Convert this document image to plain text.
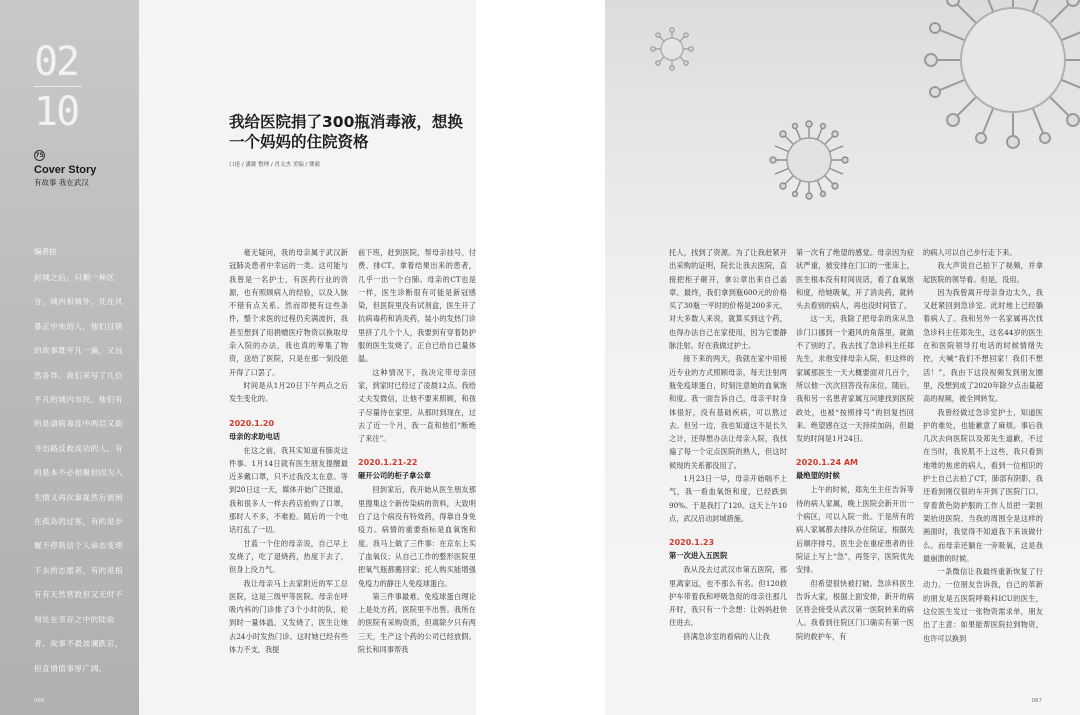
02
10
75
Cover Story
有故事 我在武汉
编者按
封城之后，只剩一种区分，城内和城外。处在风暴正中央的人，他们目睹的故事既平凡一滴，又远然各异。我们采写了几位平凡的城内市民，他们有的是请病毒连中两层又助寻出路反救成功的人，有的是本不必相聚但因为入生情义再次靠拢然后被困在孤岛的过客，有的是步履不停筑信个人命态变理下去的志愿者，有的是指有有天然营救但又无时不刻处在幸存之中的陆验者。故事不最波澜跌宕，但直情值事厚广阔。
066
我给医院捐了300瓶消毒液，想换一个妈妈的住院资格
口述 / 潘滁 整理 / 肖文杰 美编 / 婴毅

毫无疑问，我的母亲属于武汉新冠肺炎患者中幸运的一类。这可能与我曾是一名护士，有医药行业的资源，也有照顾病人的经验，以及人脉不错有点关系。然而即便有这些条件，整个求医的过程仍充满波折，我甚至想到了用捐赠医疗物资以换取母亲入院的办法，我也真的筹集了物资，送给了医院，只是在那一刻没能开得了口罢了。

时间是从1月20日下午两点之后发生变化的。

2020.1.20

母亲的求助电话

在这之前，我其实知道有肺炎这件事。1月14日就有医生朋友提醒最近多戴口罩，只不过我没太在意。等到20日这一天，媒体开始广泛报道，我和很多人一样去药店抢购了口罩，那时人不多，不难抢。随后的一个电话打乱了一切。

甘蓝一个住的母亲说，自己早上发烧了，吃了退烧药，热度下去了，但身上没力气。

我让母亲马上去家附近的军工总医院，这是三级甲等医院。母亲在呼吸内科的门诊排了3个小时的队，轮到时一量体温，又发烧了，医生让她去24小时发热门诊。这时她已经有些体力不支，我提

前下班，赶到医院，帮母亲挂号、付费、排CT。拿着结果出来的患者，几乎一出一个白肺。母亲的CT也是一样，医生诊断很有可能是新冠感染，但医院里没有试剂盒，医生开了抗病毒药和消炎药，装小的发热门诊里挤了几个个人，我要到有穿着防护服的医生发烧了，正自已给自已量体温。

这种情况下，我决定带母亲回家，到家时已经过了凌晨12点。我给丈夫发微信，让他不要来照顾，和孩子尽量待在家里。从那时到现在，过去了近一个月，我一直和他们“断绝了来往”。

2020.1.21-22

砸开公司的柜子拿公章

回到家后，我开始从医生朋友那里搜集这个新传染病的资料，大致明白了这个病没有特效药，得靠自身免疫力。病情的重要指标是血氧饱和度。我马上做了三件事：在京东上买了血氧仪；从自己工作的整形医院里把氧气瓶都搬回家；托人购买能增强免疫力的静注人免疫球蛋白。

第三件事最难。免疫球蛋白理论上是处方药，医院里不出售。我所在的医院有采购资质，但离除夕只有两三天，生产这个药的公司已经放假。院长和同事帮我

托人，找到了资源。为了让我赶紧开出采购的证明，院长让我去医院，直接把柜子砸开，拿公章出来自己盖章。最终，我们拿到瓶600元的价格买了30瓶一平时的价格是200多元，对大多数人来说，就算买到这个药，也得办法自己在家使用，因为它要静脉注射。好在我做过护士。

接下来的两天，我就在家中用接近专业的方式照顾母亲，每天注射两瓶免疫球蛋白，时刻注意她的血氧饱和度。我一面告诉自己，母亲平时身体很好，没有基础疾病，可以熬过去。但另一边，我也知道这不是长久之计，还得想办法让母亲入院，我找遍了每一个定点医院的熟人，但这时候现的关系都没用了。

1月23日一早，母亲开始喘不上气，我一看血氧饱和度，已经跌到90%。于是我打了120。这天上午10点，武汉启动封城措施。

2020.1.23

第一次进入五医院

我从没去过武汉市第五医院，那里离家远，也不那么有名。但120救护车带着我和呼吸急促的母亲往那儿开时，我只有一个念想：让妈妈赶快住进去。

挤满急诊室的看病的人让我

第一次有了绝望的感觉。母亲因为症状严重，被安排在门口的一张床上，医生根本没有时间说话，看了血氧饱和度，给她吸氧，开了消炎药，就转头去看别的病人，再也没时间管了。

这一天，我除了把母亲的床从急诊门口挪到一个避风的角落里，就做不了别的了。我去找了急诊科主任郑先生，求他安排母亲入院，但这样的家属那医生一天大概要面对几百个，所以他一次次回答没有床位。随后，我和另一名患者家属互问建找到医院政处，也被“按照排号”的回复挡回来。绝望感在这一天持续加码，但最发的时间是1月24日。

2020.1.24 AM

最绝望的时候

上午的时候，郑先生主任告诉等待的病人家属，晚上医院会新开出一个病区，可以入院一批。于是所有的病人家属都去排队办住院证，根据先后顺序排号，医生会在重症患者的住院证上写上“急”，再签字，医院优先安排。

但希望很快被打破。急诊科医生告诉大家，根据上面安排，新开的病区将会接受从武汉第一医院转来的病人。我看到住院区门口确实有第一医院的救护车，有

的病人可以自己步行走下来。

我大声说自己拍下了视频，并拿起医院的领导看。但是，没用。

因为我曾离开母亲身边太久，我又赶紧回到急诊室。此时地上已经躺着病人了。我和另外一名家属再次找急诊科主任郑先生，这名44岁的医生在和医院领导打电话的时候情绪失控，大喊“我们不想回家！我们不想活！”，我由下这段视频发到朋友圈里，没想到成了2020年除夕点击量超高的视频，被全网转发。

我曾经做过急诊室护士，知道医护的难处，也能歉意了麻烦。事后我几次去向医院以及郑先生道歉，不过在当时，我说肌不上这些，我只看到地堆的焦虑的病人，看到一位相识的护士自己去拍了CT，肺部有阴影，我还看到刚仅很的车开到了医院门口，穿着黄色防护服的工作人员把一架担架抬进医院。当我的周围全是这样的画面时，我觉得不知道我下来该做什么。而母亲还躺在一旁吸氧，这是我最崩溃的时候。

一条微信让我最终重新恢复了行动力。一位朋友告诉我，自己的革新的朋友是五医院呼吸科ICU的医生，这位医生发过一张物资需求单，朋友出了主意：如果能帮医院拉到物资，也许可以换到

067
